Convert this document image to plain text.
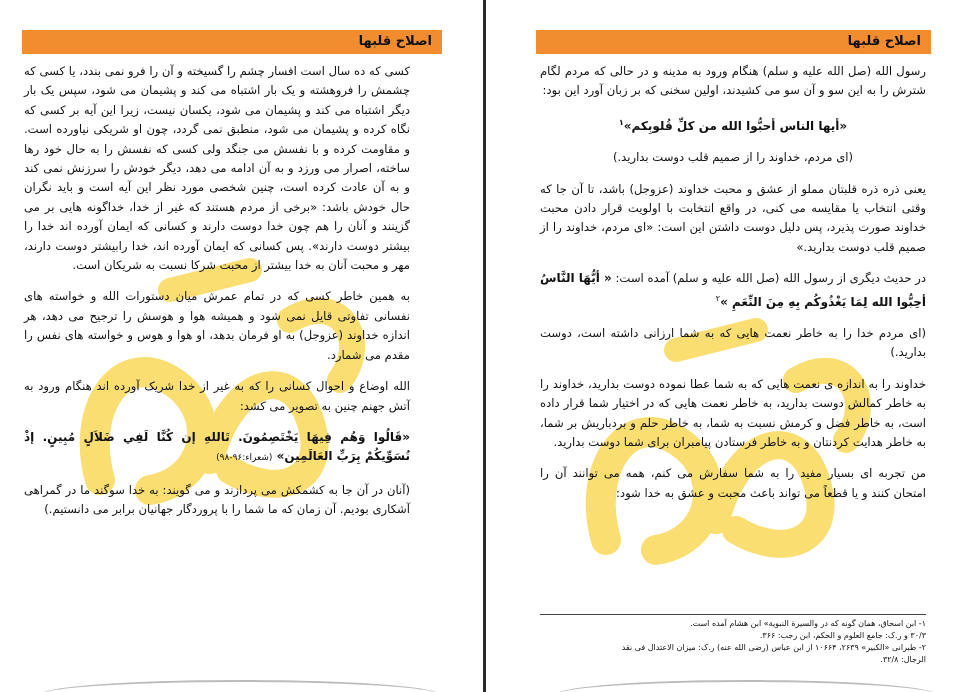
اصلاح قلبها

کسی که ده سال است افسار چشم را گسیخته و آن را فرو نمی بندد، یا کسی که چشمش را فروهشته و یک بار اشتباه می کند و پشیمان می شود، سپس یک بار دیگر اشتباه می کند و پشیمان می شود، یکسان نیست، زیرا این آیه بر کسی که نگاه کرده و پشیمان می شود، منطبق نمی گردد، چون او شریکی نیاورده است. و مقاومت کرده و با نفسش می جنگد ولی کسی که نفسش را به حال خود رها ساخته، اصرار می ورزد و به آن ادامه می دهد، دیگر خودش را سرزنش نمی کند و به آن عادت کرده است، چنین شخصی مورد نظر این آیه است و باید نگران حال خودش باشد: «برخی از مردم هستند که غیر از خدا، خداگونه هایی بر می گزینند و آنان را هم چون خدا دوست دارند و کسانی که ایمان آورده اند خدا را بیشتر دوست دارند». پس کسانی که ایمان آورده اند، خدا رابیشتر دوست دارند، مهر و محبت آنان به خدا بیشتر از محبت شرکا نسبت به شریکان است.

به همین خاطر کسی که در تمام عمرش میان دستورات الله و خواسته های نفسانی تفاوتی قایل نمی شود و همیشه هوا و هوسش را ترجیح می دهد، هر اندازه خداوند (عزوجل) به او فرمان بدهد، او هوا و هوس و خواسته های نفس را مقدم می شمارد.

الله اوضاع و احوال کسانی را که به غیر از خدا شریک آورده اند هنگام ورود به آتش جهنم چنین به تصویر می کشد:

«قَالُوا وَهُم فِيهَا يَخْتَصِمُونَ. تَاللهِ إن كُنَّا لَفِي ضَلاَلٍ مُبِينٍ. إذْ نُسَوِّيكُمْ بِرَبِّ العَالَمِين» (شعراء:۹۶-۹۸)

(آنان در آن جا به کشمکش می پردازند و می گویند: به خدا سوگند ما در گمراهی آشکاری بودیم. آن زمان که ما شما را با پروردگار جهانیان برابر می دانستیم.)

اصلاح قلبها

رسول الله (صل الله علیه و سلم) هنگام ورود به مدینه و در حالی که مردم لگام شترش را به این سو و آن سو می کشیدند، اولین سخنی که بر زبان آورد این بود:

«أيها الناس أحبُّوا الله من كلِّ قُلوبِكم»$^۱$

(ای مردم، خداوند را از صمیم قلب دوست بدارید.)

یعنی ذره ذره قلبتان مملو از عشق و محبت خداوند (عزوجل) باشد، تا آن جا که وقتی انتخاب یا مقایسه می کنی، در واقع انتخابت با اولویت قرار دادن محبت خداوند صورت پذیرد، پس دلیل دوست داشتن این است: «ای مردم، خداوند را از صمیم قلب دوست بدارید.»

در حدیث دیگری از رسول الله (صل الله علیه و سلم) آمده است: « أيُّهَا النَّاسُ أحِبُّوا الله لِمَا يَغْذُوكُم بِهِ مِنَ النِّعَمِ »$^۲$

(ای مردم خدا را به خاطر نعمت هایی که به شما ارزانی داشته است، دوست بدارید.)

خداوند را به اندازه ی نعمت هایی که به شما عطا نموده دوست بدارید، خداوند را به خاطر کمالش دوست بدارید، به خاطر نعمت هایی که در اختیار شما قرار داده است، به خاطر فضل و کرمش نسبت به شما، به خاطر حلم و بردباریش بر شما، به خاطر هدایت کردنتان و به خاطر فرستادن پیامبران برای شما دوست بدارید.

من تجربه ای بسیار مفید را به شما سفارش می کنم، همه می توانند آن را امتحان کنند و یا قطعاً می تواند باعث محبت و عشق به خدا شود:

۱- ابن اسحاق، همان گونه که در والسيرة النبوية» ابن هشام آمده است.
۳۰/۳ و ر.ک: جامع العلوم و الحکم، ابن رجب: ۳۶۶.
۲- طبرانی «الکبیر» ۲۶۳۹، ۱۰۶۶۴ از ابن عباس (رضی الله عنه) ر.ک: میزان الاعتدال فی نقد
الرجال: ۳۲/۸.
